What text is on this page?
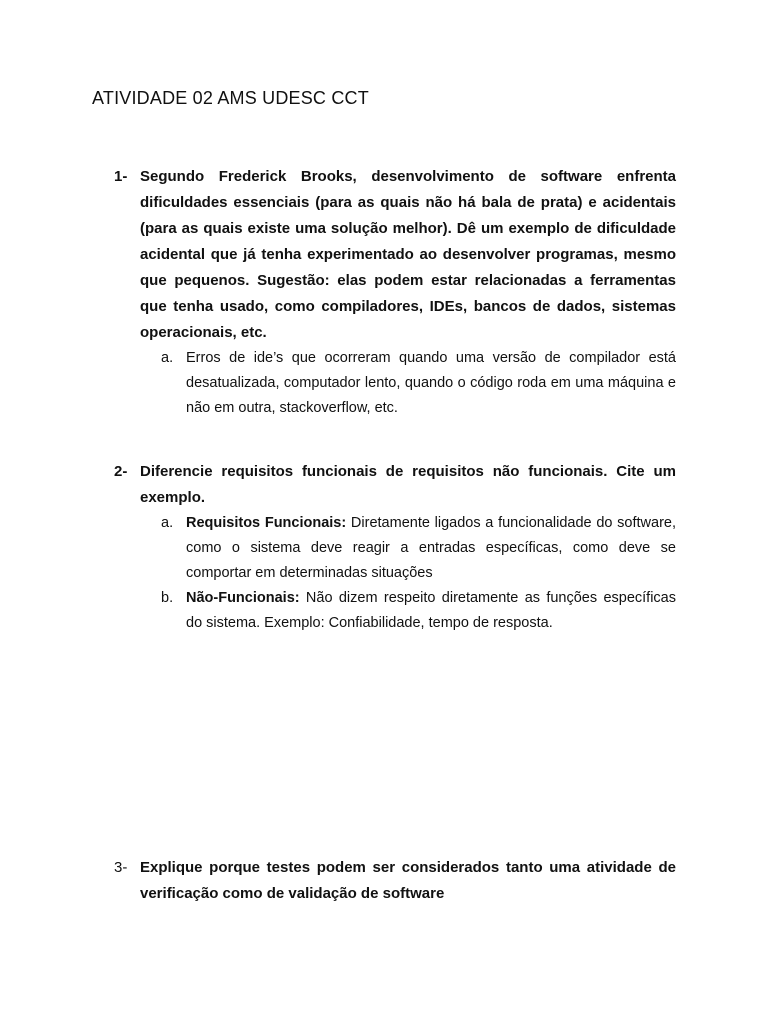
ATIVIDADE 02 AMS UDESC CCT
1- Segundo Frederick Brooks, desenvolvimento de software enfrenta dificuldades essenciais (para as quais não há bala de prata) e acidentais (para as quais existe uma solução melhor). Dê um exemplo de dificuldade acidental que já tenha experimentado ao desenvolver programas, mesmo que pequenos. Sugestão: elas podem estar relacionadas a ferramentas que tenha usado, como compiladores, IDEs, bancos de dados, sistemas operacionais, etc.
a. Erros de ide’s que ocorreram quando uma versão de compilador está desatualizada, computador lento, quando o código roda em uma máquina e não em outra, stackoverflow, etc.
2- Diferencie requisitos funcionais de requisitos não funcionais. Cite um exemplo.
a. Requisitos Funcionais: Diretamente ligados a funcionalidade do software, como o sistema deve reagir a entradas específicas, como deve se comportar em determinadas situações
b. Não-Funcionais: Não dizem respeito diretamente as funções específicas do sistema. Exemplo: Confiabilidade, tempo de resposta.
3- Explique porque testes podem ser considerados tanto uma atividade de verificação como de validação de software
